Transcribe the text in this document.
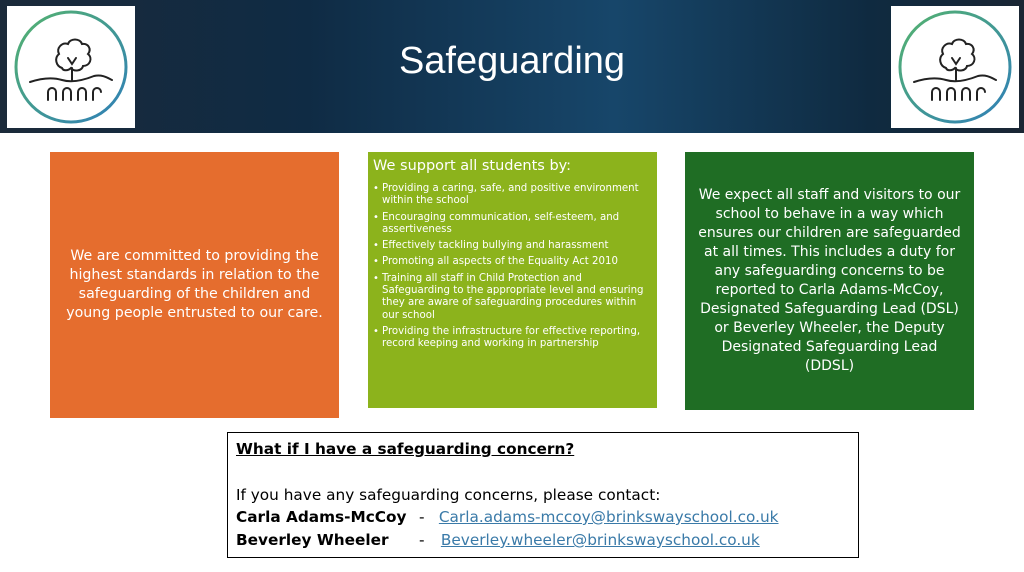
Safeguarding

We are committed to providing the highest standards in relation to the safeguarding of the children and young people entrusted to our care.

We support all students by:
• Providing a caring, safe, and positive environment within the school
• Encouraging communication, self-esteem, and assertiveness
• Effectively tackling bullying and harassment
• Promoting all aspects of the Equality Act 2010
• Training all staff in Child Protection and Safeguarding to the appropriate level and ensuring they are aware of safeguarding procedures within our school
• Providing the infrastructure for effective reporting, record keeping and working in partnership

We expect all staff and visitors to our school to behave in a way which ensures our children are safeguarded at all times. This includes a duty for any safeguarding concerns to be reported to Carla Adams-McCoy, Designated Safeguarding Lead (DSL) or Beverley Wheeler, the Deputy Designated Safeguarding Lead (DDSL)

What if I have a safeguarding concern?
If you have any safeguarding concerns, please contact:
Carla Adams-McCoy - Carla.adams-mccoy@brinkswayschool.co.uk
Beverley Wheeler - Beverley.wheeler@brinkswayschool.co.uk
